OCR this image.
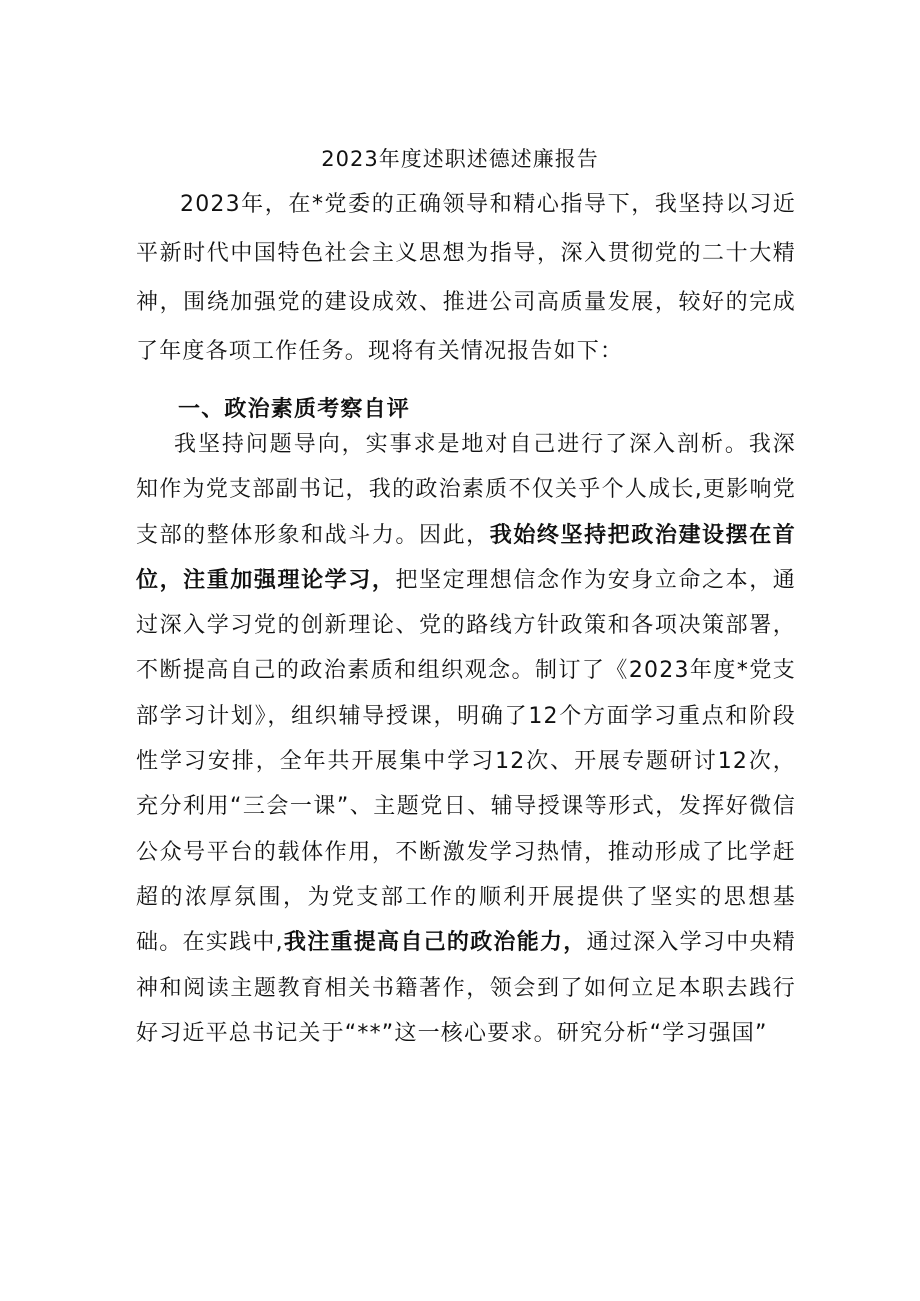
2023年度述职述德述廉报告
2023年，在*党委的正确领导和精心指导下，我坚持以习近平新时代中国特色社会主义思想为指导，深入贯彻党的二十大精神，围绕加强党的建设成效、推进公司高质量发展，较好的完成了年度各项工作任务。现将有关情况报告如下：
一、政治素质考察自评
我坚持问题导向，实事求是地对自己进行了深入剖析。我深知作为党支部副书记，我的政治素质不仅关乎个人成长,更影响党支部的整体形象和战斗力。因此，我始终坚持把政治建设摆在首位，注重加强理论学习，把坚定理想信念作为安身立命之本，通过深入学习党的创新理论、党的路线方针政策和各项决策部署，不断提高自己的政治素质和组织观念。制订了《2023年度*党支部学习计划》，组织辅导授课，明确了12个方面学习重点和阶段性学习安排，全年共开展集中学习12次、开展专题研讨12次，充分利用“三会一课”、主题党日、辅导授课等形式，发挥好微信公众号平台的载体作用，不断激发学习热情，推动形成了比学赶超的浓厚氛围，为党支部工作的顺利开展提供了坚实的思想基础。在实践中,我注重提高自己的政治能力，通过深入学习中央精神和阅读主题教育相关书籍著作，领会到了如何立足本职去践行好习近平总书记关于“**”这一核心要求。研究分析“学习强国”
